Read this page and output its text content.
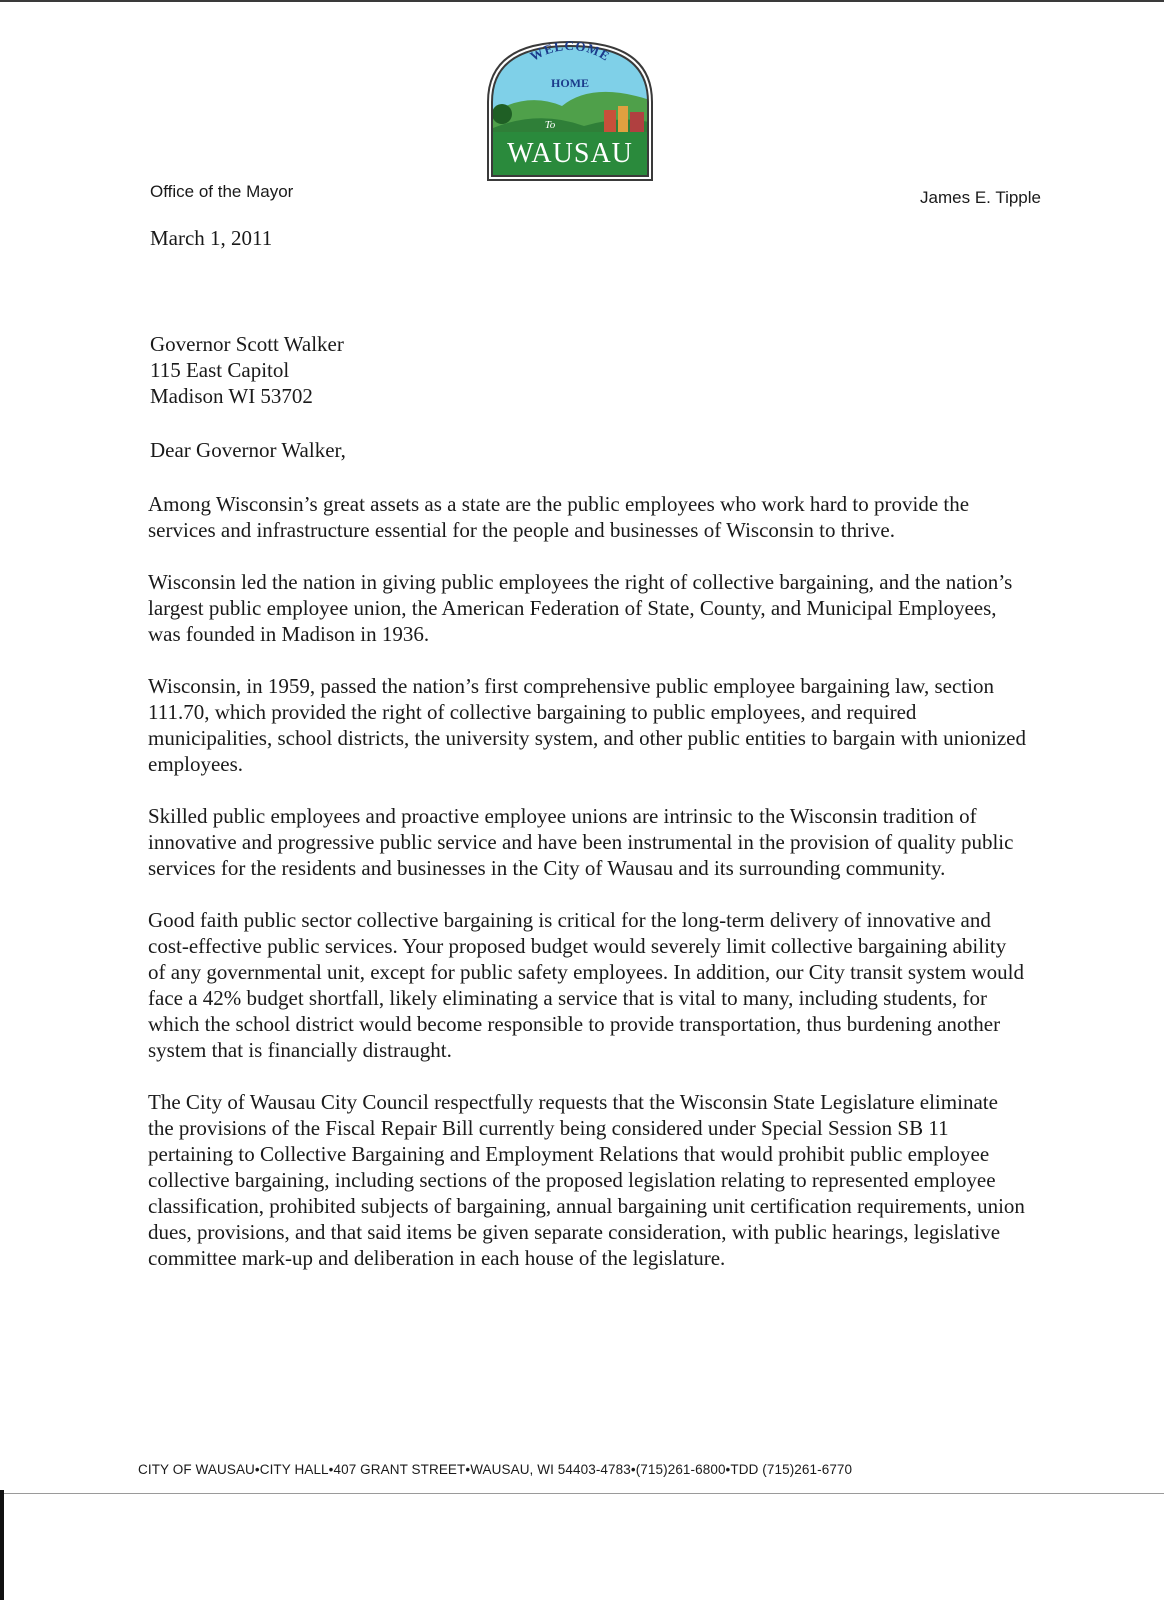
WELCOME
HOME
To
WAUSAU
Office of the Mayor	James E. Tipple
March 1, 2011
Governor Scott Walker
115 East Capitol
Madison WI 53702
Dear Governor Walker,

Among Wisconsin’s great assets as a state are the public employees who work hard to provide the services and infrastructure essential for the people and businesses of Wisconsin to thrive.

Wisconsin led the nation in giving public employees the right of collective bargaining, and the nation’s largest public employee union, the American Federation of State, County, and Municipal Employees, was founded in Madison in 1936.

Wisconsin, in 1959, passed the nation’s first comprehensive public employee bargaining law, section 111.70, which provided the right of collective bargaining to public employees, and required municipalities, school districts, the university system, and other public entities to bargain with unionized employees.

Skilled public employees and proactive employee unions are intrinsic to the Wisconsin tradition of innovative and progressive public service and have been instrumental in the provision of quality public services for the residents and businesses in the City of Wausau and its surrounding community.

Good faith public sector collective bargaining is critical for the long-term delivery of innovative and cost-effective public services. Your proposed budget would severely limit collective bargaining ability of any governmental unit, except for public safety employees. In addition, our City transit system would face a 42% budget shortfall, likely eliminating a service that is vital to many, including students, for which the school district would become responsible to provide transportation, thus burdening another system that is financially distraught.

The City of Wausau City Council respectfully requests that the Wisconsin State Legislature eliminate the provisions of the Fiscal Repair Bill currently being considered under Special Session SB 11 pertaining to Collective Bargaining and Employment Relations that would prohibit public employee collective bargaining, including sections of the proposed legislation relating to represented employee classification, prohibited subjects of bargaining, annual bargaining unit certification requirements, union dues, provisions, and that said items be given separate consideration, with public hearings, legislative committee mark-up and deliberation in each house of the legislature.

CITY OF WAUSAU•CITY HALL•407 GRANT STREET•WAUSAU, WI 54403-4783•(715)261-6800•TDD (715)261-6770
